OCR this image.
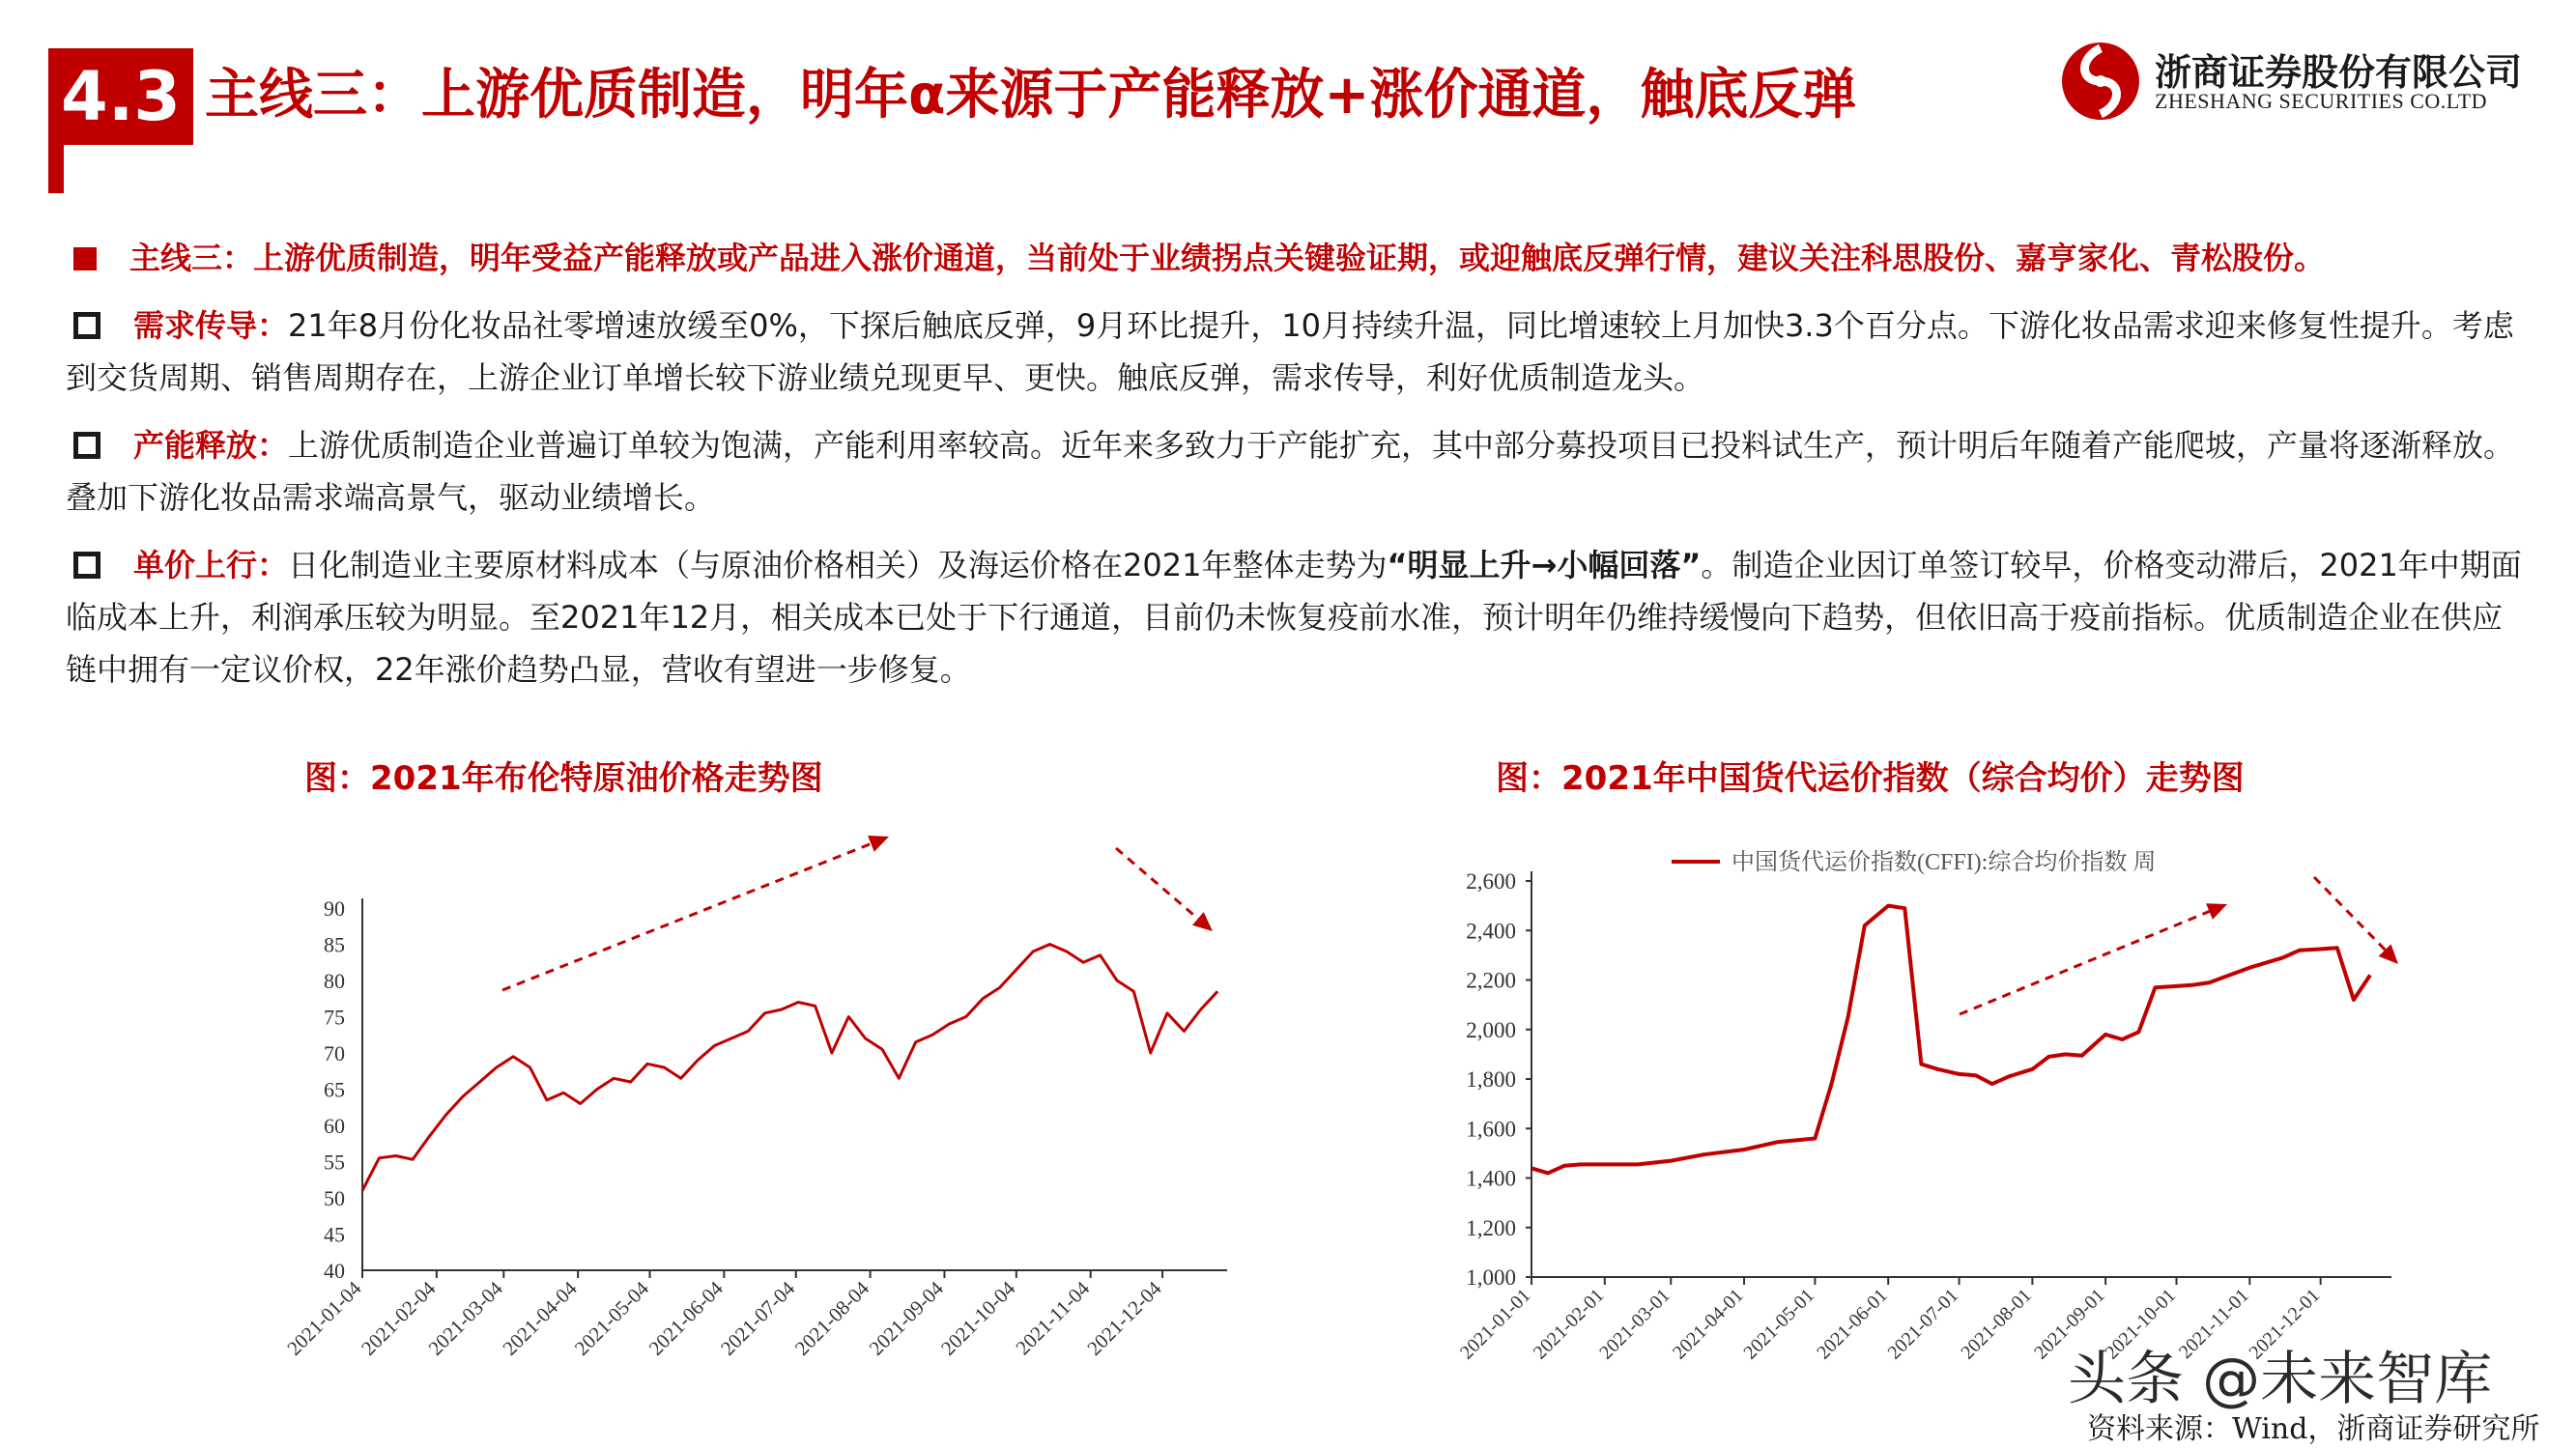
4.3 主线三：上游优质制造，明年α来源于产能释放+涨价通道，触底反弹	浙商证券股份有限公司
ZHESHANG SECURITIES CO.LTD

主线三：上游优质制造，明年受益产能释放或产品进入涨价通道，当前处于业绩拐点关键验证期，或迎触底反弹行情，建议关注科思股份、嘉亨家化、青松股份。

需求传导：21年8月份化妆品社零增速放缓至0%，下探后触底反弹，9月环比提升，10月持续升温，同比增速较上月加快3.3个百分点。下游化妆品需求迎来修复性提升。考虑到交货周期、销售周期存在，上游企业订单增长较下游业绩兑现更早、更快。触底反弹，需求传导，利好优质制造龙头。

产能释放：上游优质制造企业普遍订单较为饱满，产能利用率较高。近年来多致力于产能扩充，其中部分募投项目已投料试生产，预计明后年随着产能爬坡，产量将逐渐释放。叠加下游化妆品需求端高景气，驱动业绩增长。

单价上行：日化制造业主要原材料成本（与原油价格相关）及海运价格在2021年整体走势为“明显上升→小幅回落”。制造企业因订单签订较早，价格变动滞后，2021年中期面临成本上升，利润承压较为明显。至2021年12月，相关成本已处于下行通道，目前仍未恢复疫前水准，预计明年仍维持缓慢向下趋势，但依旧高于疫前指标。优质制造企业在供应链中拥有一定议价权，22年涨价趋势凸显，营收有望进一步修复。

图：2021年布伦特原油价格走势图	图：2021年中国货代运价指数（综合均价）走势图
90
85
80
75
70
65
60
55
50
45
40
2021-01-04
2021-02-04
2021-03-04
2021-04-04
2021-05-04
2021-06-04
2021-07-04
2021-08-04
2021-09-04
2021-10-04
2021-11-04
2021-12-04
2,600
2,400
2,200
2,000
1,800
1,600
1,400
1,200
1,000
2021-01-01
2021-02-01
2021-03-01
2021-04-01
2021-05-01
2021-06-01
2021-07-01
2021-08-01
2021-09-01
2021-10-01
2021-11-01
2021-12-01
中国货代运价指数(CFFI):综合均价指数 周
头条 @未来智库
资料来源：Wind，浙商证券研究所
